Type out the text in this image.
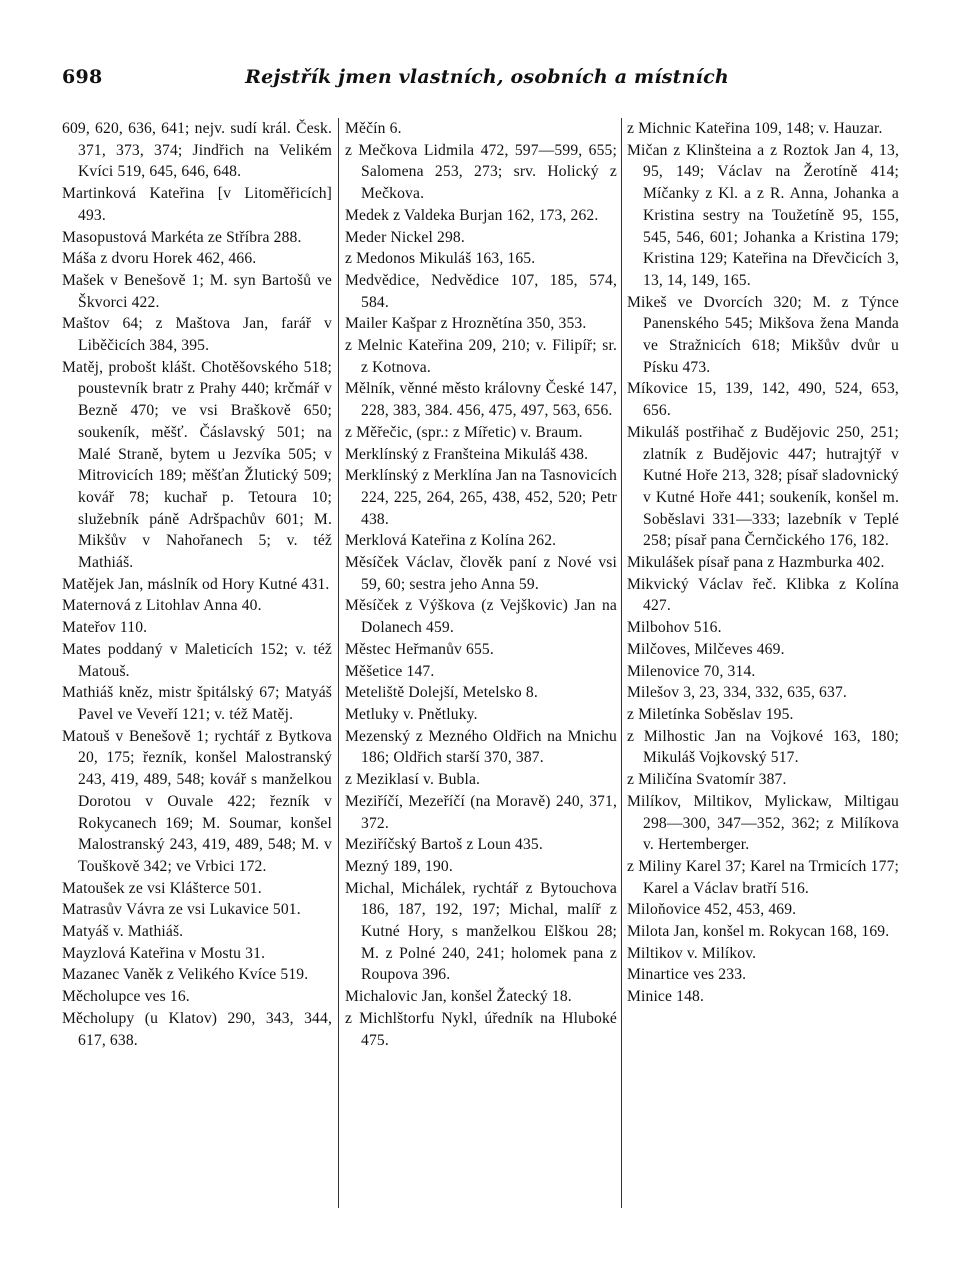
Rejstřík jmen vlastních, osobních a místních
698

609, 620, 636, 641; nejv. sudí král. Česk. 371, 373, 374; Jindřich na Velikém Kvíci 519, 645, 646, 648.

Martinková Kateřina [v Litoměřicích] 493.

Masopustová Markéta ze Stříbra 288.

Máša z dvoru Horek 462, 466.

Mašek v Benešově 1; M. syn Bartošů ve Škvorci 422.

Maštov 64; z Maštova Jan, farář v Liběčicích 384, 395.

Matěj, probošt klášt. Chotěšovského 518; poustevník bratr z Prahy 440; krčmář v Bezně 470; ve vsi Braškově 650; soukeník, měšť. Čáslavský 501; na Malé Straně, bytem u Jezvíka 505; v Mitrovicích 189; měšťan Žlutický 509; kovář 78; kuchař p. Tetoura 10; služebník páně Adršpachův 601; M. Mikšův v Nahořanech 5; v. též Mathiáš.

Matějek Jan, máslník od Hory Kutné 431.

Maternová z Litohlav Anna 40.

Mateřov 110.

Mates poddaný v Maleticích 152; v. též Matouš.

Mathiáš kněz, mistr špitálský 67; Matyáš Pavel ve Veveří 121; v. též Matěj.

Matouš v Benešově 1; rychtář z Bytkova 20, 175; řezník, konšel Malostranský 243, 419, 489, 548; kovář s manželkou Dorotou v Ouvale 422; řezník v Rokycanech 169; M. Soumar, konšel Malostranský 243, 419, 489, 548; M. v Touškově 342; ve Vrbici 172.

Matoušek ze vsi Klášterce 501.

Matrasův Vávra ze vsi Lukavice 501.

Matyáš v. Mathiáš.

Mayzlová Kateřina v Mostu 31.

Mazanec Vaněk z Velikého Kvíce 519.

Měcholupce ves 16.

Měcholupy (u Klatov) 290, 343, 344, 617, 638.

Měčín 6.

z Mečkova Lidmila 472, 597—599, 655; Salomena 253, 273; srv. Holický z Mečkova.

Medek z Valdeka Burjan 162, 173, 262.

Meder Nickel 298.

z Medonos Mikuláš 163, 165.

Medvědice, Nedvědice 107, 185, 574, 584.

Mailer Kašpar z Hroznětína 350, 353.

z Melnic Kateřina 209, 210; v. Filipíř; sr. z Kotnova.

Mělník, věnné město královny České 147, 228, 383, 384. 456, 475, 497, 563, 656.

z Měřečic, (spr.: z Mířetic) v. Braum.

Merklínský z Franšteina Mikuláš 438.

Merklínský z Merklína Jan na Tasnovicích 224, 225, 264, 265, 438, 452, 520; Petr 438.

Merklová Kateřina z Kolína 262.

Měsíček Václav, člověk paní z Nové vsi 59, 60; sestra jeho Anna 59.

Měsíček z Výškova (z Vejškovic) Jan na Dolanech 459.

Městec Heřmanův 655.

Měšetice 147.

Meteliště Dolejší, Metelsko 8.

Metluky v. Pnětluky.

Mezenský z Mezného Oldřich na Mnichu 186; Oldřich starší 370, 387.

z Meziklasí v. Bubla.

Meziříčí, Mezeříčí (na Moravě) 240, 371, 372.

Meziříčský Bartoš z Loun 435.

Mezný 189, 190.

Michal, Michálek, rychtář z Bytouchova 186, 187, 192, 197; Michal, malíř z Kutné Hory, s manželkou Elškou 28; M. z Polné 240, 241; holomek pana z Roupova 396.

Michalovic Jan, konšel Žatecký 18.

z Michlštorfu Nykl, úředník na Hluboké 475.

z Michnic Kateřina 109, 148; v. Hauzar.

Mičan z Klinšteina a z Roztok Jan 4, 13, 95, 149; Václav na Žerotíně 414; Míčanky z Kl. a z R. Anna, Johanka a Kristina sestry na Toužetíně 95, 155, 545, 546, 601; Johanka a Kristina 179; Kristina 129; Kateřina na Dřevčicích 3, 13, 14, 149, 165.

Mikeš ve Dvorcích 320; M. z Týnce Panenského 545; Mikšova žena Manda ve Stražnicích 618; Mikšův dvůr u Písku 473.

Míkovice 15, 139, 142, 490, 524, 653, 656.

Mikuláš postřihač z Budějovic 250, 251; zlatník z Budějovic 447; hutrajtýř v Kutné Hoře 213, 328; písař sladovnický v Kutné Hoře 441; soukeník, konšel m. Soběslavi 331—333; lazebník v Teplé 258; písař pana Černčického 176, 182.

Mikulášek písař pana z Hazmburka 402.

Mikvický Václav řeč. Klibka z Kolína 427.

Milbohov 516.

Milčoves, Milčeves 469.

Milenovice 70, 314.

Milešov 3, 23, 334, 332, 635, 637.

z Miletínka Soběslav 195.

z Milhostic Jan na Vojkové 163, 180; Mikuláš Vojkovský 517.

z Miličína Svatomír 387.

Milíkov, Miltikov, Mylickaw, Miltigau 298—300, 347—352, 362; z Milíkova v. Hertemberger.

z Miliny Karel 37; Karel na Trmicích 177; Karel a Václav bratří 516.

Miloňovice 452, 453, 469.

Milota Jan, konšel m. Rokycan 168, 169.

Miltikov v. Milíkov.

Minartice ves 233.

Minice 148.
